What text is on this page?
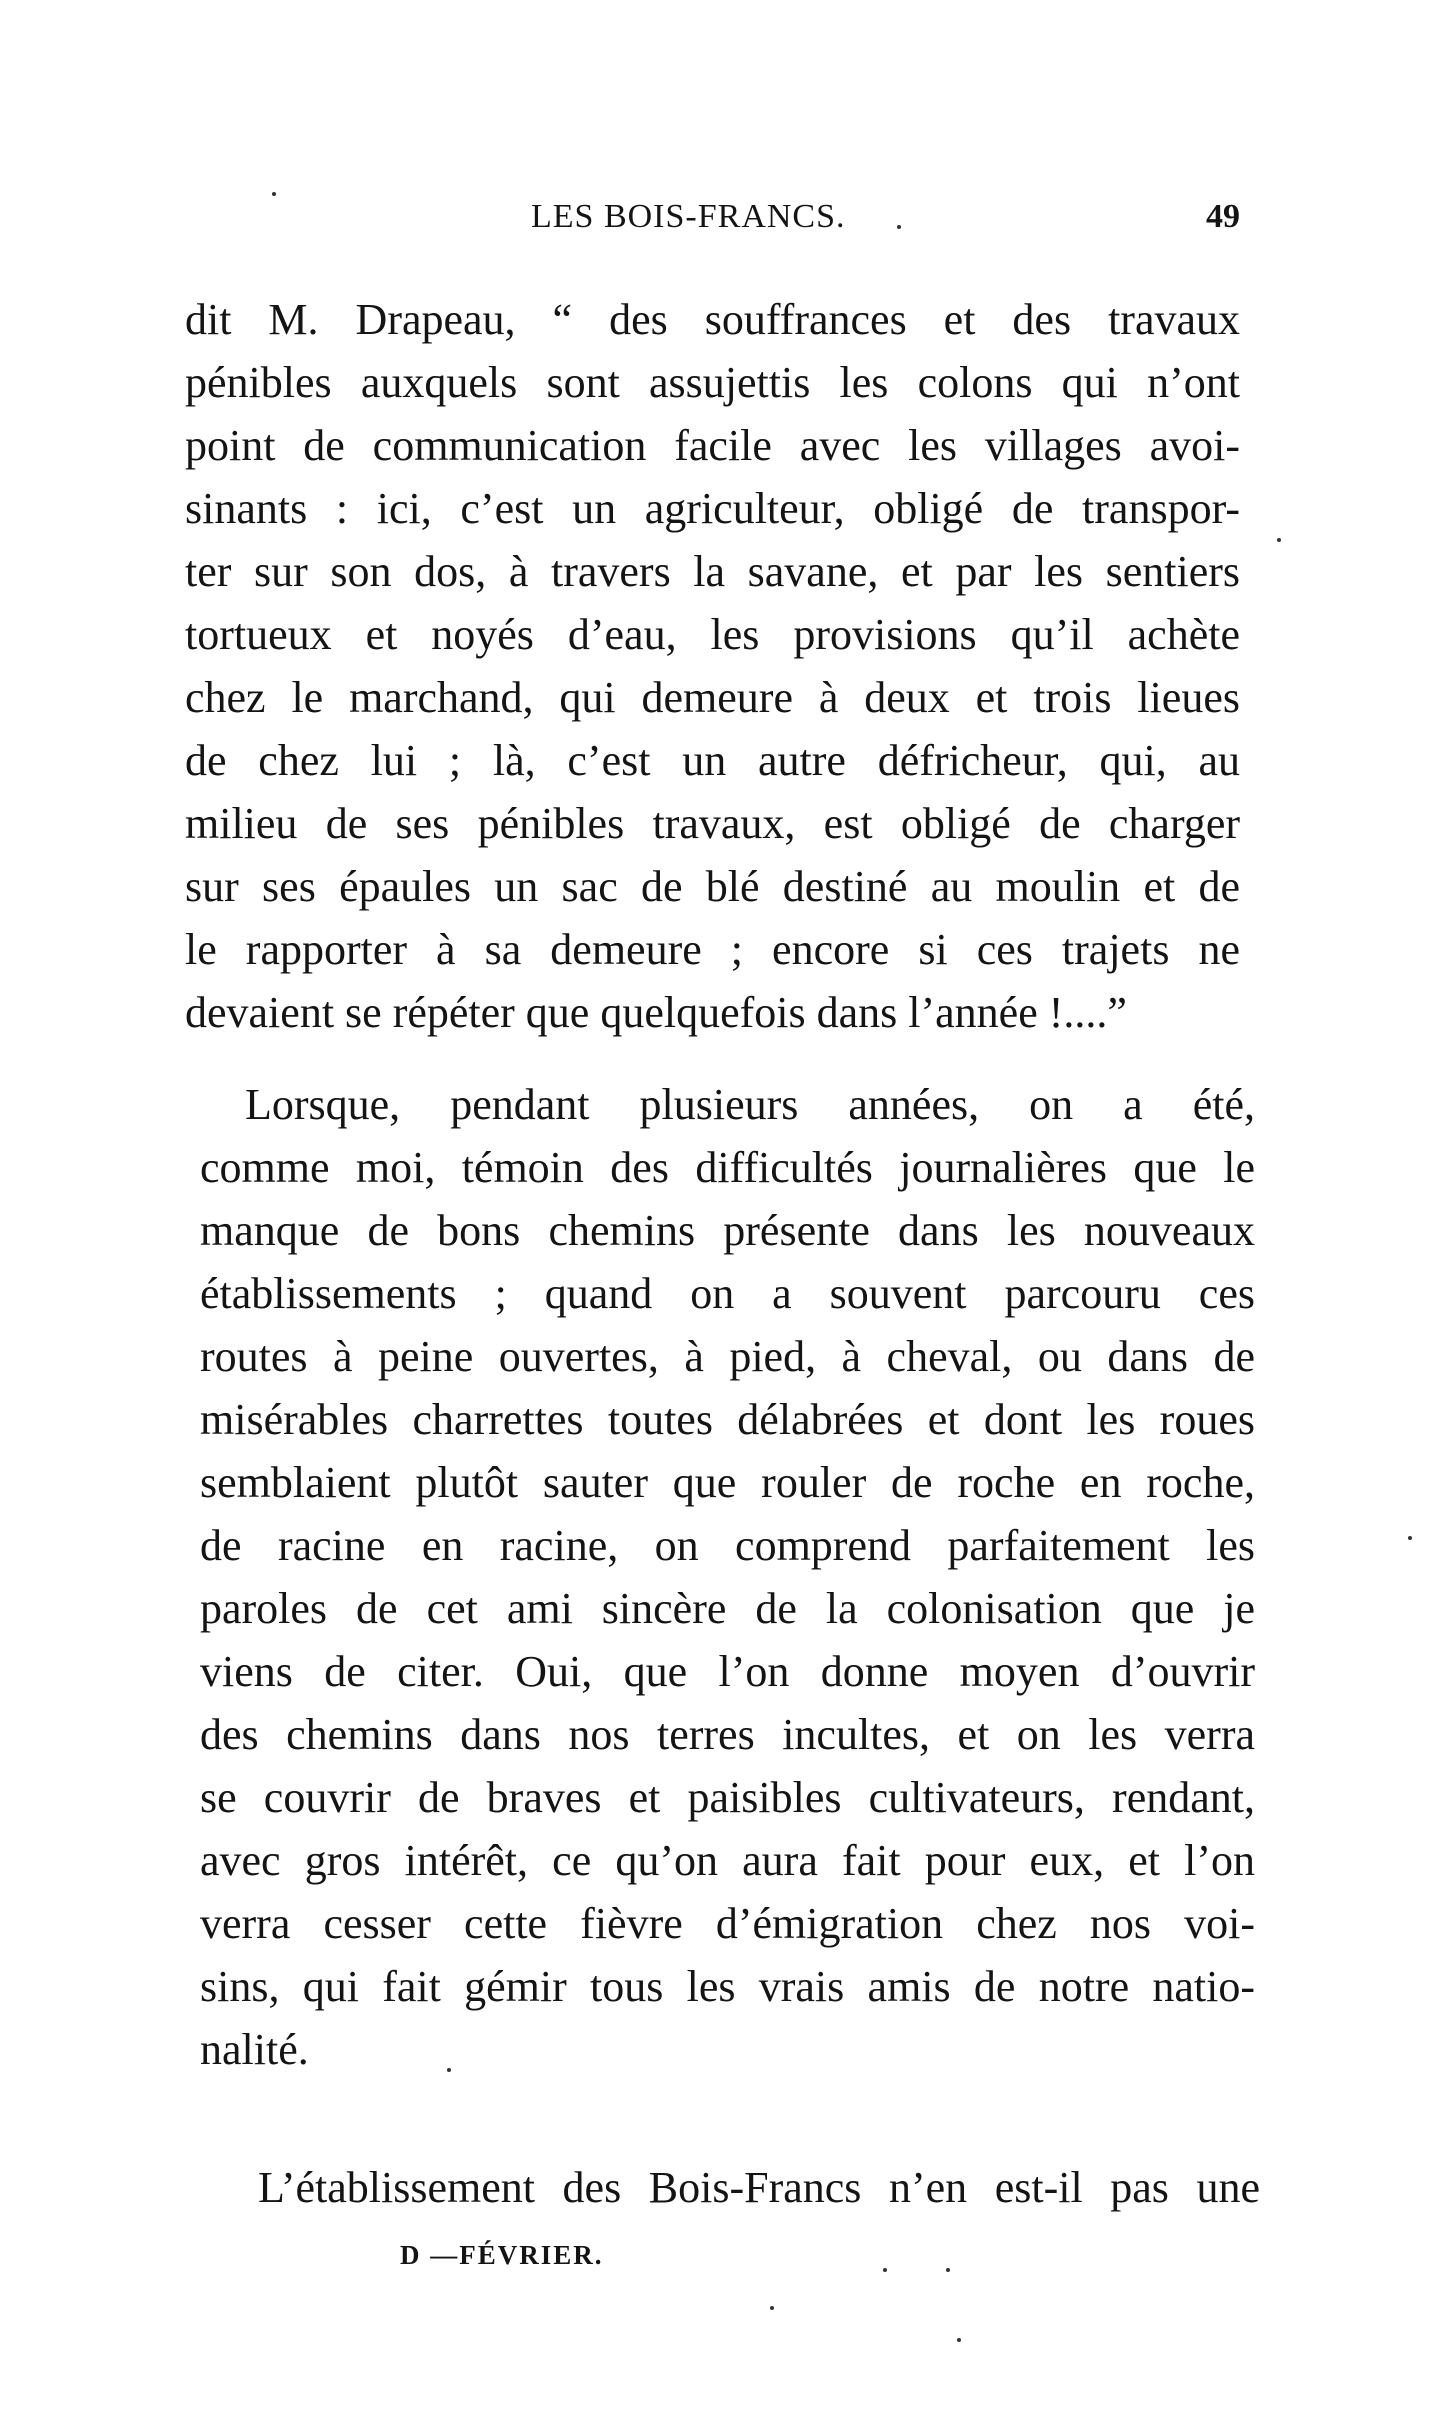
LES BOIS-FRANCS.	49
dit M. Drapeau, “ des souffrances et des travaux
pénibles auxquels sont assujettis les colons qui n’ont
point de communication facile avec les villages avoi-
sinants : ici, c’est un agriculteur, obligé de transpor-
ter sur son dos, à travers la savane, et par les sentiers
tortueux et noyés d’eau, les provisions qu’il achète
chez le marchand, qui demeure à deux et trois lieues
de chez lui ; là, c’est un autre défricheur, qui, au
milieu de ses pénibles travaux, est obligé de charger
sur ses épaules un sac de blé destiné au moulin et de
le rapporter à sa demeure ; encore si ces trajets ne
devaient se répéter que quelquefois dans l’année !....”
Lorsque, pendant plusieurs années, on a été,
comme moi, témoin des difficultés journalières que le
manque de bons chemins présente dans les nouveaux
établissements ; quand on a souvent parcouru ces
routes à peine ouvertes, à pied, à cheval, ou dans de
misérables charrettes toutes délabrées et dont les roues
semblaient plutôt sauter que rouler de roche en roche,
de racine en racine, on comprend parfaitement les
paroles de cet ami sincère de la colonisation que je
viens de citer. Oui, que l’on donne moyen d’ouvrir
des chemins dans nos terres incultes, et on les verra
se couvrir de braves et paisibles cultivateurs, rendant,
avec gros intérêt, ce qu’on aura fait pour eux, et l’on
verra cesser cette fièvre d’émigration chez nos voi-
sins, qui fait gémir tous les vrais amis de notre natio-
nalité.
L’établissement des Bois-Francs n’en est-il pas une
D —FÉVRIER.
